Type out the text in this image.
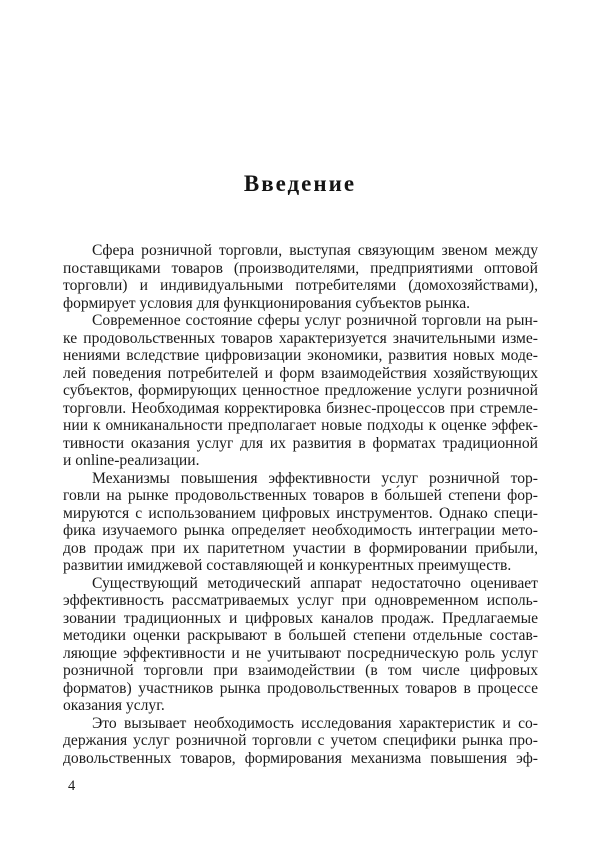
Введение
Сфера розничной торговли, выступая связующим звеном между
поставщиками товаров (производителями, предприятиями оптовой
торговли) и индивидуальными потребителями (домохозяйствами),
формирует условия для функционирования субъектов рынка.
Современное состояние сферы услуг розничной торговли на рын-
ке продовольственных товаров характеризуется значительными изме-
нениями вследствие цифровизации экономики, развития новых моде-
лей поведения потребителей и форм взаимодействия хозяйствующих
субъектов, формирующих ценностное предложение услуги розничной
торговли. Необходимая корректировка бизнес-процессов при стремле-
нии к омниканальности предполагает новые подходы к оценке эффек-
тивности оказания услуг для их развития в форматах традиционной
и online-реализации.
Механизмы повышения эффективности услуг розничной тор-
говли на рынке продовольственных товаров в бо́льшей степени фор-
мируются с использованием цифровых инструментов. Однако специ-
фика изучаемого рынка определяет необходимость интеграции мето-
дов продаж при их паритетном участии в формировании прибыли,
развитии имиджевой составляющей и конкурентных преимуществ.
Существующий методический аппарат недостаточно оценивает
эффективность рассматриваемых услуг при одновременном исполь-
зовании традиционных и цифровых каналов продаж. Предлагаемые
методики оценки раскрывают в большей степени отдельные состав-
ляющие эффективности и не учитывают посредническую роль услуг
розничной торговли при взаимодействии (в том числе цифровых
форматов) участников рынка продовольственных товаров в процессе
оказания услуг.
Это вызывает необходимость исследования характеристик и со-
держания услуг розничной торговли с учетом специфики рынка про-
довольственных товаров, формирования механизма повышения эф-
4
